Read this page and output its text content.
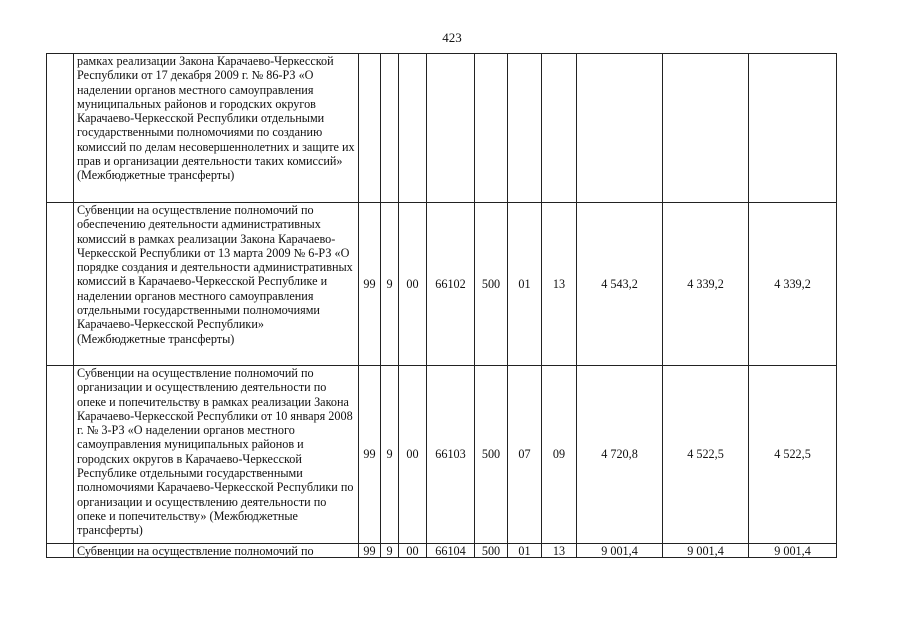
423
	рамках реализации Закона Карачаево-Черкесской Республики от 17 декабря 2009 г. № 86-РЗ «О наделении органов местного самоуправления муниципальных районов и городских округов Карачаево-Черкесской Республики отдельными государственными полномочиями по созданию комиссий по делам несовершеннолетних и защите их прав и организации деятельности таких комиссий» (Межбюджетные трансферты)										
	Субвенции на осуществление полномочий по обеспечению деятельности административных комиссий в рамках реализации Закона Карачаево-Черкесской Республики от 13 марта 2009 № 6-РЗ «О порядке создания и деятельности административных комиссий в Карачаево-Черкесской Республике и наделении органов местного самоуправления отдельными государственными полномочиями Карачаево-Черкесской Республики» (Межбюджетные трансферты)	99	9	00	66102	500	01	13	4 543,2	4 339,2	4 339,2
	Субвенции на осуществление полномочий по организации и осуществлению деятельности по опеке и попечительству в рамках реализации Закона Карачаево-Черкесской Республики от 10 января 2008 г. № 3-РЗ «О наделении органов местного самоуправления муниципальных районов и городских округов в Карачаево-Черкесской Республике отдельными государственными полномочиями Карачаево-Черкесской Республики по организации и осуществлению деятельности по опеке и попечительству» (Межбюджетные трансферты)	99	9	00	66103	500	07	09	4 720,8	4 522,5	4 522,5
	Субвенции на осуществление полномочий по	99	9	00	66104	500	01	13	9 001,4	9 001,4	9 001,4
